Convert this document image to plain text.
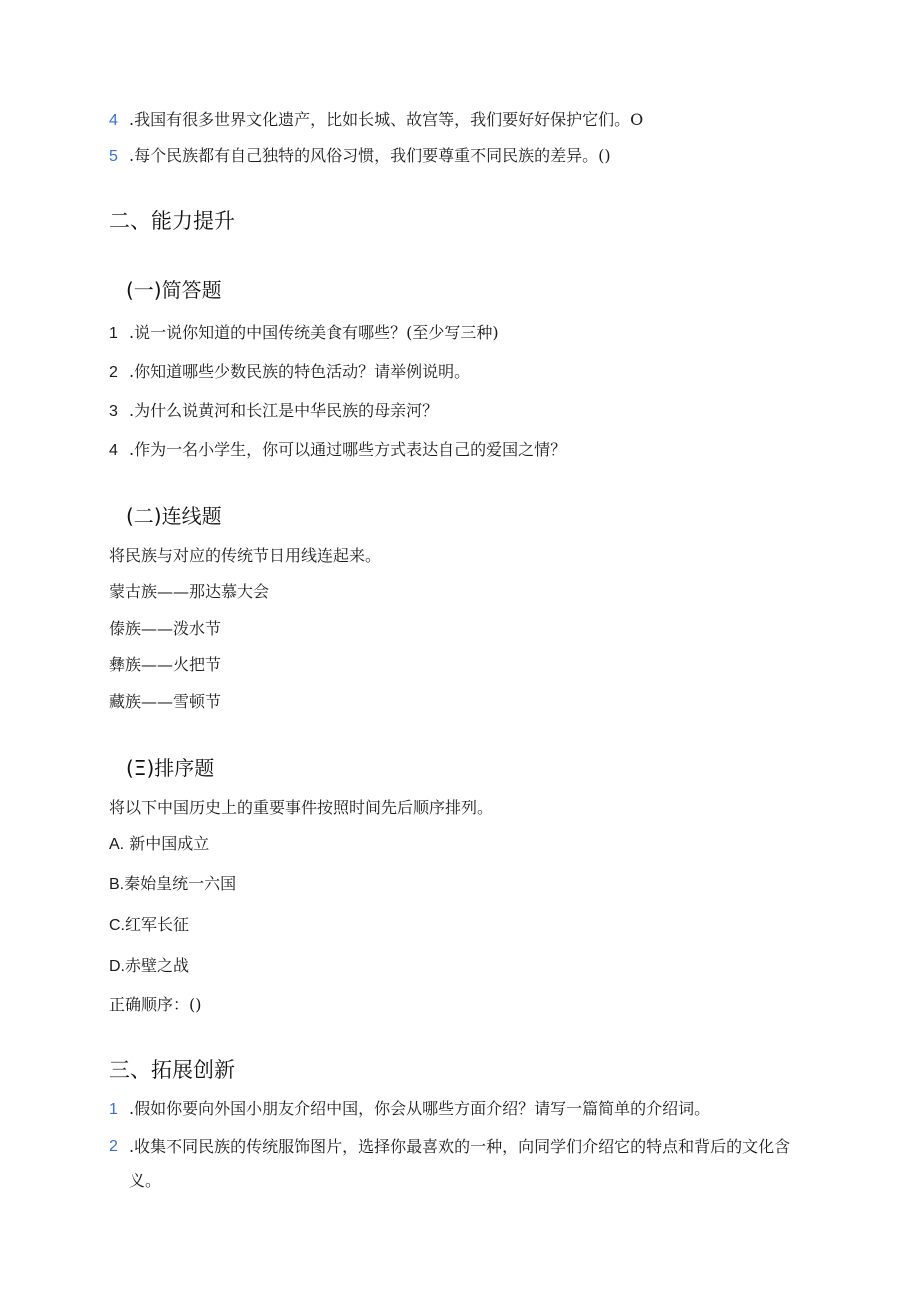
4 .我国有很多世界文化遗产，比如长城、故宫等，我们要好好保护它们。O
5 .每个民族都有自己独特的风俗习惯，我们要尊重不同民族的差异。()
二、能力提升
(一)简答题
1 .说一说你知道的中国传统美食有哪些？(至少写三种)
2 .你知道哪些少数民族的特色活动？请举例说明。
3 .为什么说黄河和长江是中华民族的母亲河？
4 .作为一名小学生，你可以通过哪些方式表达自己的爱国之情？
(二)连线题
将民族与对应的传统节日用线连起来。
蒙古族——那达慕大会
傣族——泼水节
彝族——火把节
藏族——雪顿节
(Ξ)排序题
将以下中国历史上的重要事件按照时间先后顺序排列。
A. 新中国成立
B.秦始皇统一六国
C.红军长征
D.赤壁之战
正确顺序：()
三、拓展创新
1 .假如你要向外国小朋友介绍中国，你会从哪些方面介绍？请写一篇简单的介绍词。
2 .收集不同民族的传统服饰图片，选择你最喜欢的一种，向同学们介绍它的特点和背后的文化含义。
